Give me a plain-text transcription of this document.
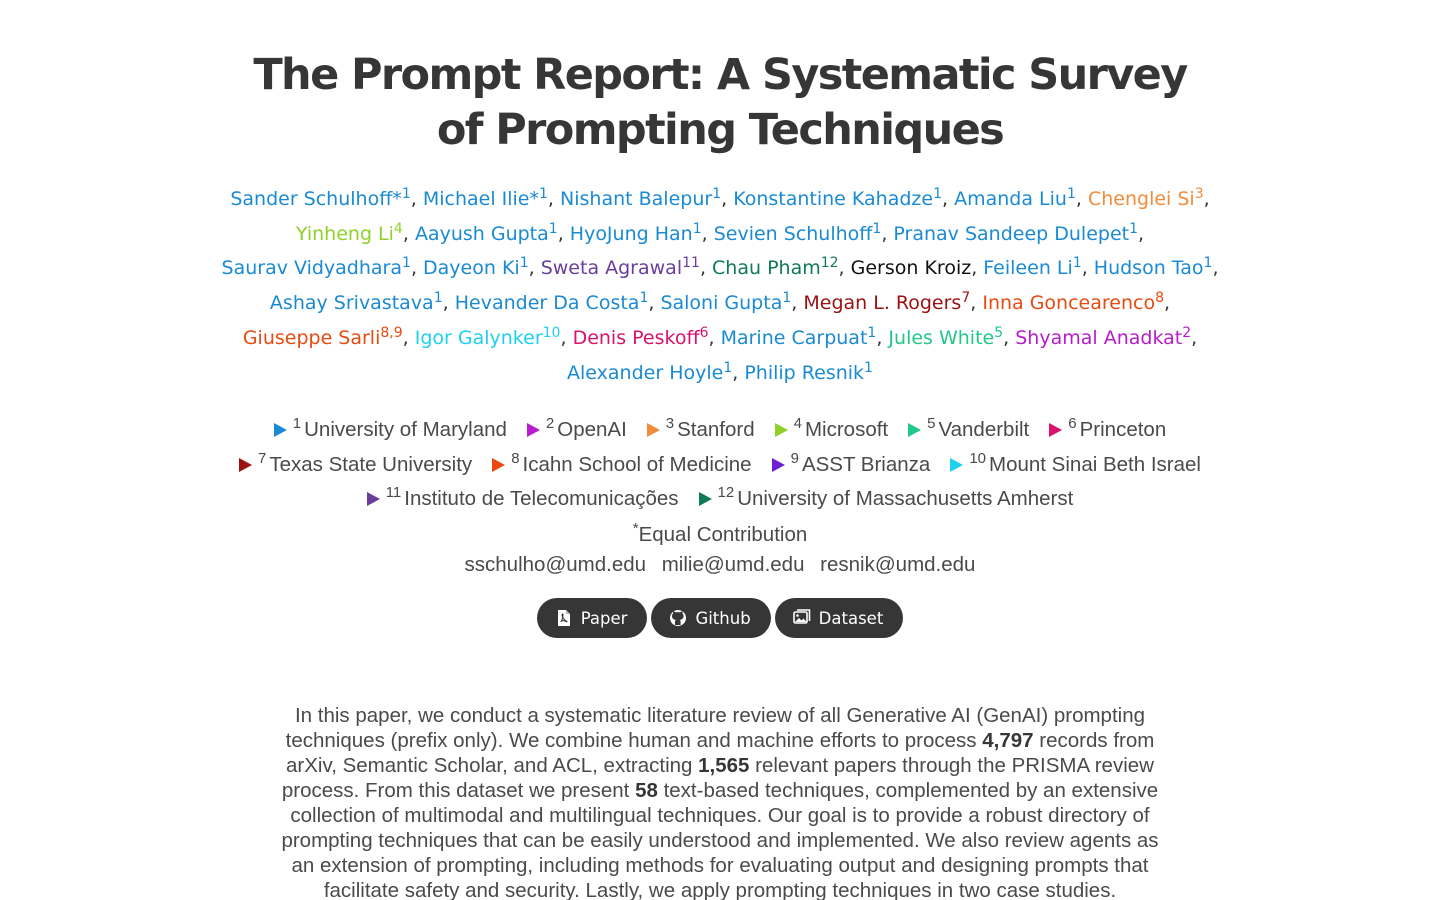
The Prompt Report: A Systematic Survey of Prompting Techniques
Sander Schulhoff*$^1$, Michael Ilie*$^1$, Nishant Balepur$^1$, Konstantine Kahadze$^1$, Amanda Liu$^1$, Chenglei Si$^3$, Yinheng Li$^4$, Aayush Gupta$^1$, HyoJung Han$^1$, Sevien Schulhoff$^1$, Pranav Sandeep Dulepet$^1$, Saurav Vidyadhara$^1$, Dayeon Ki$^1$, Sweta Agrawal$^{11}$, Chau Pham$^{12}$, Gerson Kroiz, Feileen Li$^1$, Hudson Tao$^1$, Ashay Srivastava$^1$, Hevander Da Costa$^1$, Saloni Gupta$^1$, Megan L. Rogers$^7$, Inna Goncearenco$^8$, Giuseppe Sarli$^{8,9}$, Igor Galynker$^{10}$, Denis Peskoff$^6$, Marine Carpuat$^1$, Jules White$^5$, Shyamal Anadkat$^2$, Alexander Hoyle$^1$, Philip Resnik$^1$
$^1$ University of Maryland	$^2$ OpenAI	$^3$ Stanford	$^4$ Microsoft	$^5$ Vanderbilt	$^6$ Princeton
$^7$ Texas State University	$^8$ Icahn School of Medicine	$^9$ ASST Brianza	$^{10}$ Mount Sinai Beth Israel
$^{11}$ Instituto de Telecomunicações	$^{12}$ University of Massachusetts Amherst
*Equal Contribution
sschulho@umd.edu milie@umd.edu resnik@umd.edu
Paper	Github	Dataset

In this paper, we conduct a systematic literature review of all Generative AI (GenAI) prompting techniques (prefix only). We combine human and machine efforts to process 4,797 records from arXiv, Semantic Scholar, and ACL, extracting 1,565 relevant papers through the PRISMA review process. From this dataset we present 58 text-based techniques, complemented by an extensive collection of multimodal and multilingual techniques. Our goal is to provide a robust directory of prompting techniques that can be easily understood and implemented. We also review agents as an extension of prompting, including methods for evaluating output and designing prompts that facilitate safety and security. Lastly, we apply prompting techniques in two case studies.
